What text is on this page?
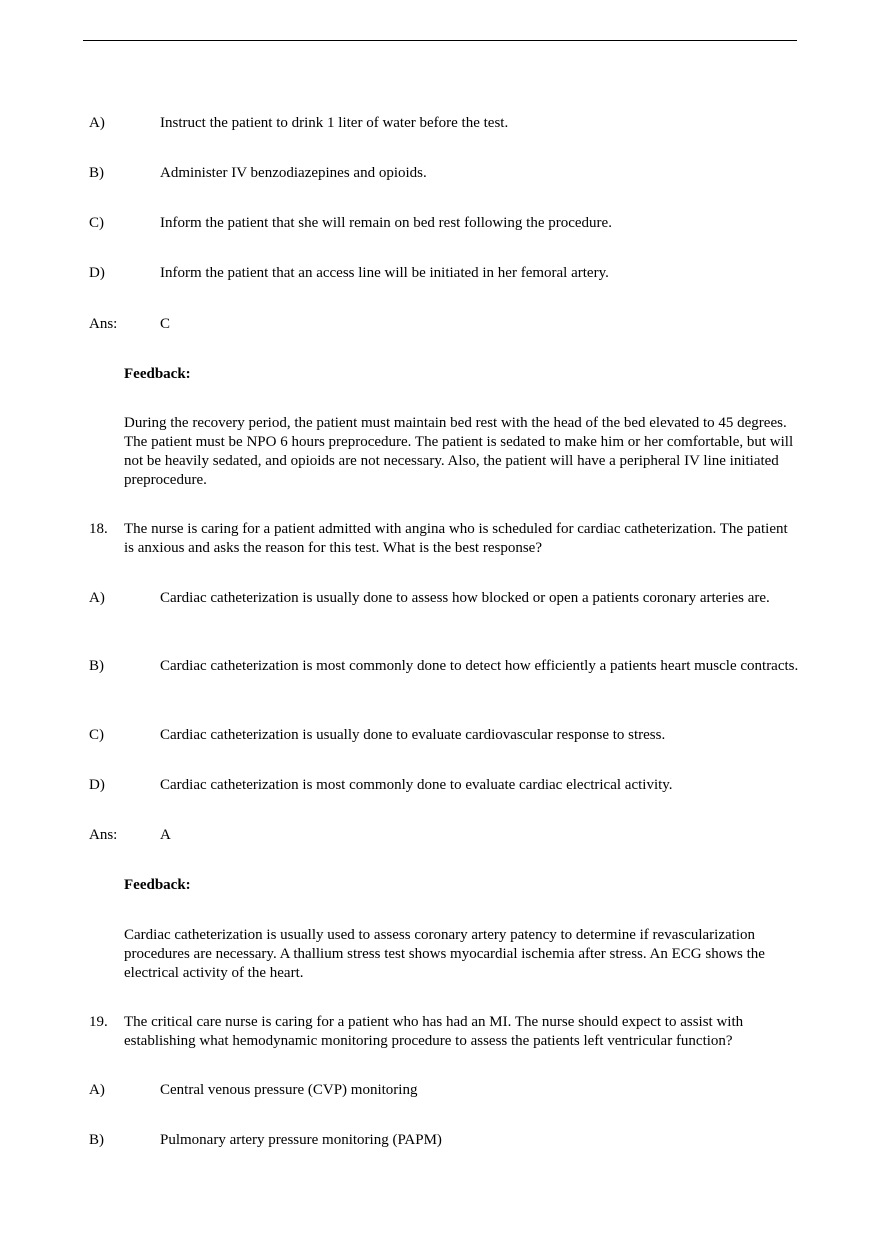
A)	Instruct the patient to drink 1 liter of water before the test.

B)	Administer IV benzodiazepines and opioids.

C)	Inform the patient that she will remain on bed rest following the procedure.

D)	Inform the patient that an access line will be initiated in her femoral artery.

Ans:	C

Feedback:

During the recovery period, the patient must maintain bed rest with the head of the bed elevated to 45 degrees. The patient must be NPO 6 hours preprocedure. The patient is sedated to make him or her comfortable, but will not be heavily sedated, and opioids are not necessary. Also, the patient will have a peripheral IV line initiated preprocedure.

18. The nurse is caring for a patient admitted with angina who is scheduled for cardiac catheterization. The patient is anxious and asks the reason for this test. What is the best response?

A)	Cardiac catheterization is usually done to assess how blocked or open a patients coronary arteries are.

B)	Cardiac catheterization is most commonly done to detect how efficiently a patients heart muscle contracts.

C)	Cardiac catheterization is usually done to evaluate cardiovascular response to stress.

D)	Cardiac catheterization is most commonly done to evaluate cardiac electrical activity.

Ans:	A

Feedback:

Cardiac catheterization is usually used to assess coronary artery patency to determine if revascularization procedures are necessary. A thallium stress test shows myocardial ischemia after stress. An ECG shows the electrical activity of the heart.

19. The critical care nurse is caring for a patient who has had an MI. The nurse should expect to assist with establishing what hemodynamic monitoring procedure to assess the patients left ventricular function?

A)	Central venous pressure (CVP) monitoring

B)	Pulmonary artery pressure monitoring (PAPM)
